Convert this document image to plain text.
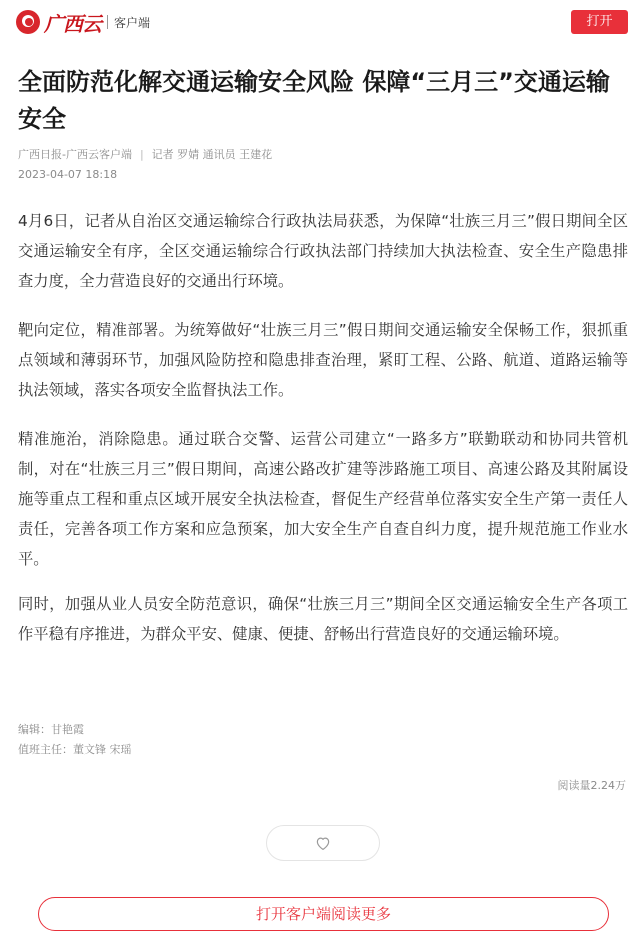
广西云 客户端	打开
全面防范化解交通运输安全风险 保障“三月三”交通运输安全
广西日报-广西云客户端 | 记者 罗婧 通讯员 王建花
2023-04-07 18:18

4月6日，记者从自治区交通运输综合行政执法局获悉，为保障“壮族三月三”假日期间全区交通运输安全有序，全区交通运输综合行政执法部门持续加大执法检查、安全生产隐患排查力度，全力营造良好的交通出行环境。

靶向定位，精准部署。为统筹做好“壮族三月三”假日期间交通运输安全保畅工作，狠抓重点领域和薄弱环节，加强风险防控和隐患排查治理，紧盯工程、公路、航道、道路运输等执法领域，落实各项安全监督执法工作。

精准施治，消除隐患。通过联合交警、运营公司建立“一路多方”联勤联动和协同共管机制，对在“壮族三月三”假日期间，高速公路改扩建等涉路施工项目、高速公路及其附属设施等重点工程和重点区域开展安全执法检查，督促生产经营单位落实安全生产第一责任人责任，完善各项工作方案和应急预案，加大安全生产自查自纠力度，提升规范施工作业水平。

同时，加强从业人员安全防范意识，确保“壮族三月三”期间全区交通运输安全生产各项工作平稳有序推进，为群众平安、健康、便捷、舒畅出行营造良好的交通运输环境。

编辑：甘艳霞
值班主任：董文锋 宋瑶
阅读量2.24万
打开客户端阅读更多
